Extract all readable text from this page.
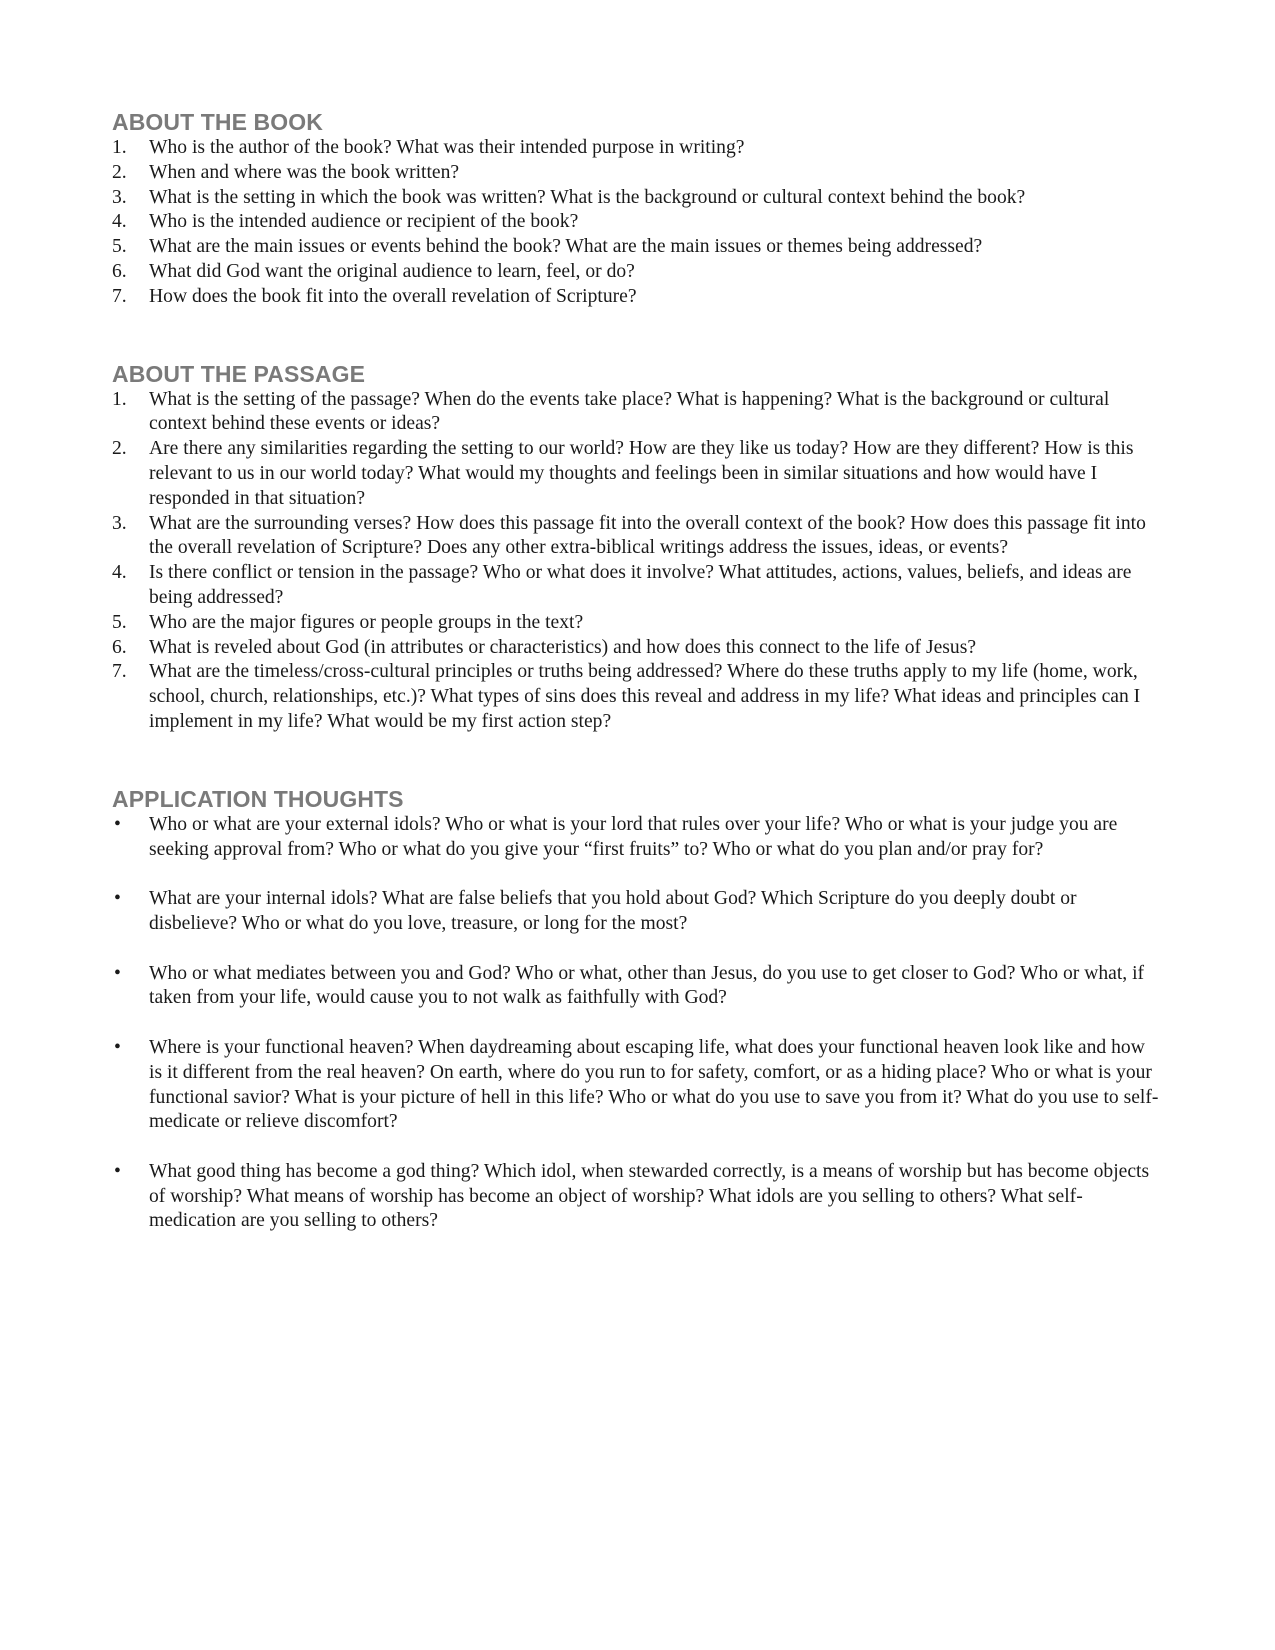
ABOUT THE BOOK
1.	Who is the author of the book? What was their intended purpose in writing?
2.	When and where was the book written?
3.	What is the setting in which the book was written? What is the background or cultural context behind the book?
4.	Who is the intended audience or recipient of the book?
5.	What are the main issues or events behind the book? What are the main issues or themes being addressed?
6.	What did God want the original audience to learn, feel, or do?
7.	How does the book fit into the overall revelation of Scripture?
ABOUT THE PASSAGE
1.	What is the setting of the passage? When do the events take place? What is happening? What is the background or cultural context behind these events or ideas?
2.	Are there any similarities regarding the setting to our world? How are they like us today? How are they different? How is this relevant to us in our world today? What would my thoughts and feelings been in similar situations and how would have I responded in that situation?
3.	What are the surrounding verses? How does this passage fit into the overall context of the book? How does this passage fit into the overall revelation of Scripture? Does any other extra-biblical writings address the issues, ideas, or events?
4.	Is there conflict or tension in the passage? Who or what does it involve? What attitudes, actions, values, beliefs, and ideas are being addressed?
5.	Who are the major figures or people groups in the text?
6.	What is reveled about God (in attributes or characteristics) and how does this connect to the life of Jesus?
7.	What are the timeless/cross-cultural principles or truths being addressed? Where do these truths apply to my life (home, work, school, church, relationships, etc.)? What types of sins does this reveal and address in my life? What ideas and principles can I implement in my life? What would be my first action step?
APPLICATION THOUGHTS
•	Who or what are your external idols? Who or what is your lord that rules over your life? Who or what is your judge you are seeking approval from? Who or what do you give your “first fruits” to? Who or what do you plan and/or pray for?
•	What are your internal idols? What are false beliefs that you hold about God? Which Scripture do you deeply doubt or disbelieve? Who or what do you love, treasure, or long for the most?
•	Who or what mediates between you and God? Who or what, other than Jesus, do you use to get closer to God? Who or what, if taken from your life, would cause you to not walk as faithfully with God?
•	Where is your functional heaven? When daydreaming about escaping life, what does your functional heaven look like and how is it different from the real heaven? On earth, where do you run to for safety, comfort, or as a hiding place? Who or what is your functional savior? What is your picture of hell in this life? Who or what do you use to save you from it? What do you use to self-medicate or relieve discomfort?
•	What good thing has become a god thing? Which idol, when stewarded correctly, is a means of worship but has become objects of worship? What means of worship has become an object of worship? What idols are you selling to others? What self-medication are you selling to others?
